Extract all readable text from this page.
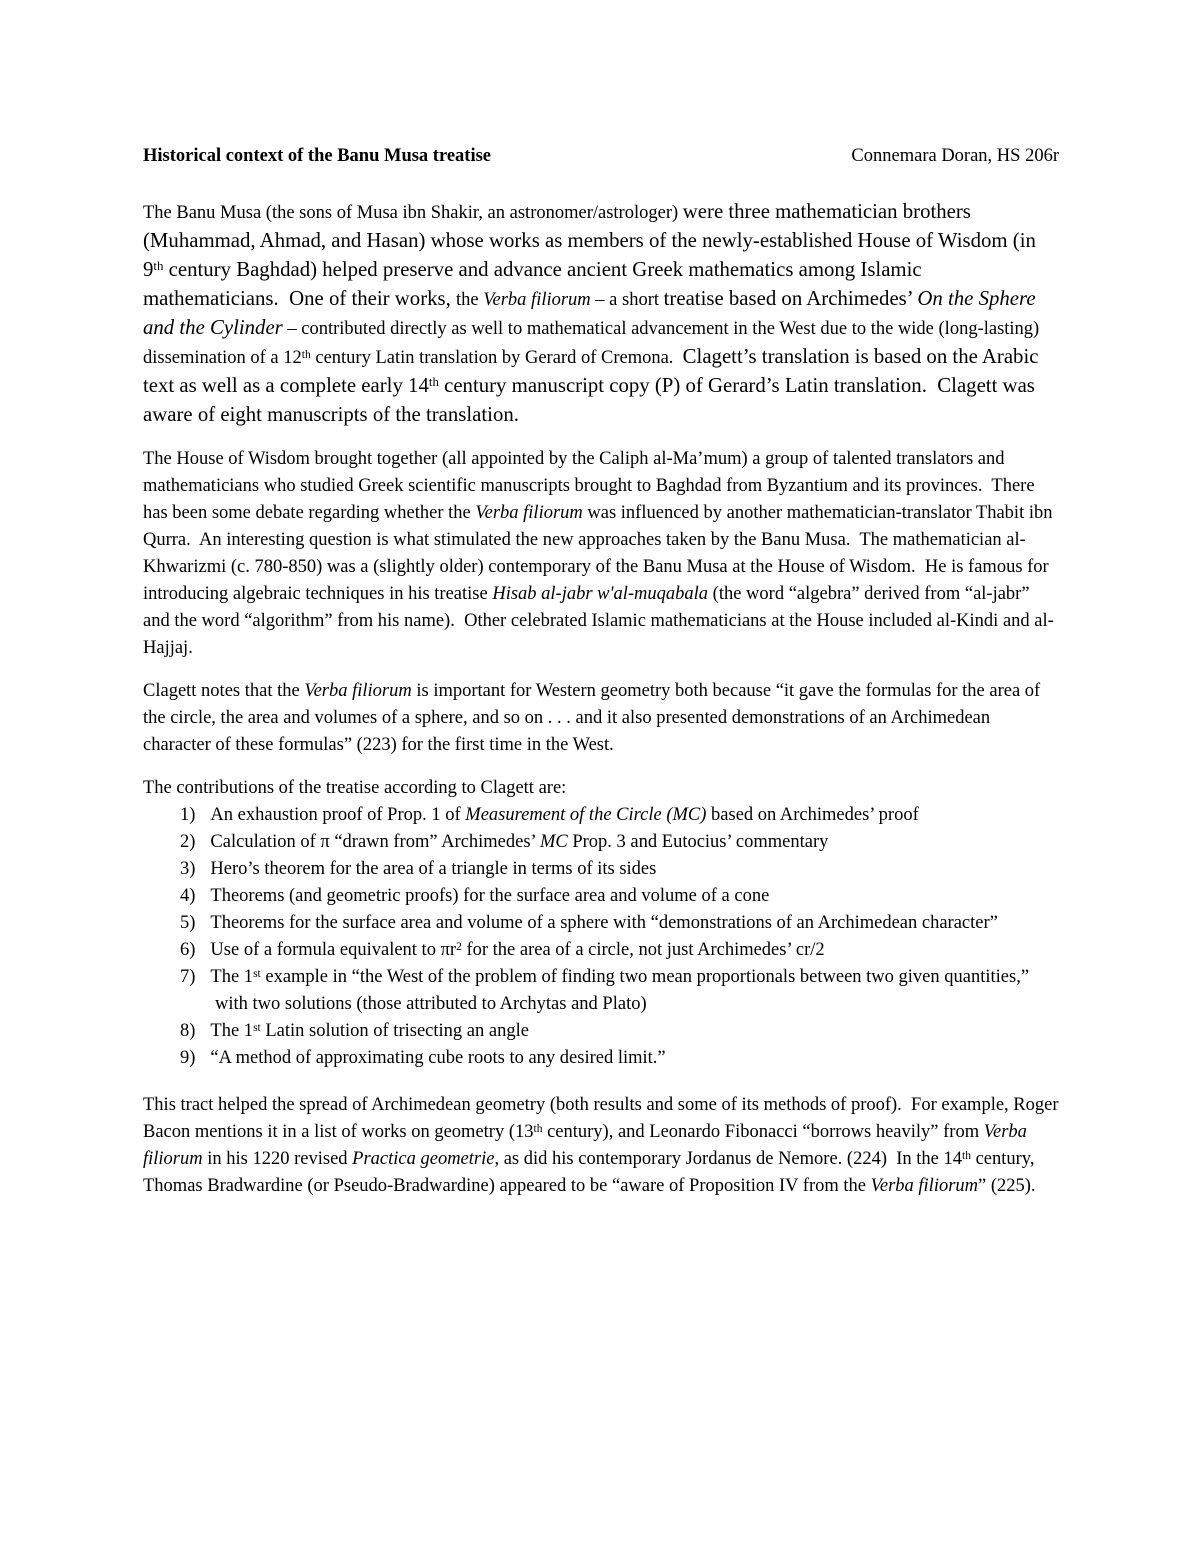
Historical context of the Banu Musa treatise	Connemara Doran, HS 206r
The Banu Musa (the sons of Musa ibn Shakir, an astronomer/astrologer) were three mathematician brothers (Muhammad, Ahmad, and Hasan) whose works as members of the newly-established House of Wisdom (in 9th century Baghdad) helped preserve and advance ancient Greek mathematics among Islamic mathematicians.  One of their works, the Verba filiorum – a short treatise based on Archimedes’ On the Sphere and the Cylinder – contributed directly as well to mathematical advancement in the West due to the wide (long-lasting) dissemination of a 12th century Latin translation by Gerard of Cremona.  Clagett’s translation is based on the Arabic text as well as a complete early 14th century manuscript copy (P) of Gerard’s Latin translation.  Clagett was aware of eight manuscripts of the translation.
The House of Wisdom brought together (all appointed by the Caliph al-Ma’mum) a group of talented translators and mathematicians who studied Greek scientific manuscripts brought to Baghdad from Byzantium and its provinces.  There has been some debate regarding whether the Verba filiorum was influenced by another mathematician-translator Thabit ibn Qurra.  An interesting question is what stimulated the new approaches taken by the Banu Musa.  The mathematician al-Khwarizmi (c. 780-850) was a (slightly older) contemporary of the Banu Musa at the House of Wisdom.  He is famous for introducing algebraic techniques in his treatise Hisab al-jabr w'al-muqabala (the word “algebra” derived from “al-jabr” and the word “algorithm” from his name).  Other celebrated Islamic mathematicians at the House included al-Kindi and al-Hajjaj.
Clagett notes that the Verba filiorum is important for Western geometry both because “it gave the formulas for the area of the circle, the area and volumes of a sphere, and so on . . . and it also presented demonstrations of an Archimedean character of these formulas” (223) for the first time in the West.
The contributions of the treatise according to Clagett are:
1) An exhaustion proof of Prop. 1 of Measurement of the Circle (MC) based on Archimedes’ proof
2) Calculation of π “drawn from” Archimedes’ MC Prop. 3 and Eutocius’ commentary
3) Hero’s theorem for the area of a triangle in terms of its sides
4) Theorems (and geometric proofs) for the surface area and volume of a cone
5) Theorems for the surface area and volume of a sphere with “demonstrations of an Archimedean character”
6) Use of a formula equivalent to $\pi r^2$ for the area of a circle, not just Archimedes’ cr/2
7) The 1st example in “the West of the problem of finding two mean proportionals between two given quantities,” with two solutions (those attributed to Archytas and Plato)
8) The 1st Latin solution of trisecting an angle
9) “A method of approximating cube roots to any desired limit.”
This tract helped the spread of Archimedean geometry (both results and some of its methods of proof).  For example, Roger Bacon mentions it in a list of works on geometry (13th century), and Leonardo Fibonacci “borrows heavily” from Verba filiorum in his 1220 revised Practica geometrie, as did his contemporary Jordanus de Nemore. (224)  In the 14th century, Thomas Bradwardine (or Pseudo-Bradwardine) appeared to be “aware of Proposition IV from the Verba filiorum” (225).
